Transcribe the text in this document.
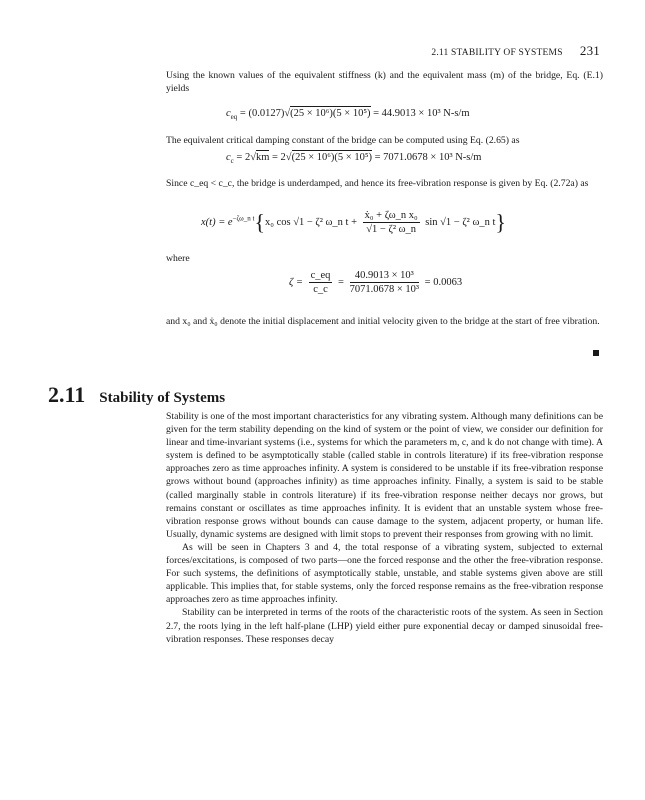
2.11 STABILITY OF SYSTEMS 231

Using the known values of the equivalent stiffness (k) and the equivalent mass (m) of the bridge, Eq. (E.1) yields

$c_{eq} = (0.0127)√(25 \times 10^6)(5 \times 10^5) = 44.9013 \times 10^3$ N-s/m

The equivalent critical damping constant of the bridge can be computed using Eq. (2.65) as

$c_c = 2√km = 2√(25 \times 10^6)(5 \times 10^5) = 7071.0678 \times 10^3$ N-s/m

Since c_eq < c_c, the bridge is underdamped, and hence its free-vibration response is given by Eq. (2.72a) as

$x(t) = e^{-\zeta\omega\_n t}\{x_0$ cos √1 − ζ² ω_n $t + \frac{\text{ẋ₀ + ζω\_n x₀}}{\text{√1 − ζ² ω\_n}}$ sin √1 − ζ² ω_n t}

where

$\zeta = \frac{c\_eq}{c\_c} = \frac{\text{40.9013 × 10³}}{\text{7071.0678 × 10³}} = 0.0063$

and x₀ and ẋ₀ denote the initial displacement and initial velocity given to the bridge at the start of free vibration.

2.11 Stability of Systems

Stability is one of the most important characteristics for any vibrating system. Although many definitions can be given for the term stability depending on the kind of system or the point of view, we consider our definition for linear and time-invariant systems (i.e., systems for which the parameters m, c, and k do not change with time). A system is defined to be asymptotically stable (called stable in controls literature) if its free-vibration response approaches zero as time approaches infinity. A system is considered to be unstable if its free-vibration response grows without bound (approaches infinity) as time approaches infinity. Finally, a system is said to be stable (called marginally stable in controls literature) if its free-vibration response neither decays nor grows, but remains constant or oscillates as time approaches infinity. It is evident that an unstable system whose free-vibration response grows without bounds can cause damage to the system, adjacent property, or human life. Usually, dynamic systems are designed with limit stops to prevent their responses from growing with no limit.

As will be seen in Chapters 3 and 4, the total response of a vibrating system, subjected to external forces/excitations, is composed of two parts—one the forced response and the other the free-vibration response. For such systems, the definitions of asymptotically stable, unstable, and stable systems given above are still applicable. This implies that, for stable systems, only the forced response remains as the free-vibration response approaches zero as time approaches infinity.

Stability can be interpreted in terms of the roots of the characteristic roots of the system. As seen in Section 2.7, the roots lying in the left half-plane (LHP) yield either pure exponential decay or damped sinusoidal free-vibration responses. These responses decay
